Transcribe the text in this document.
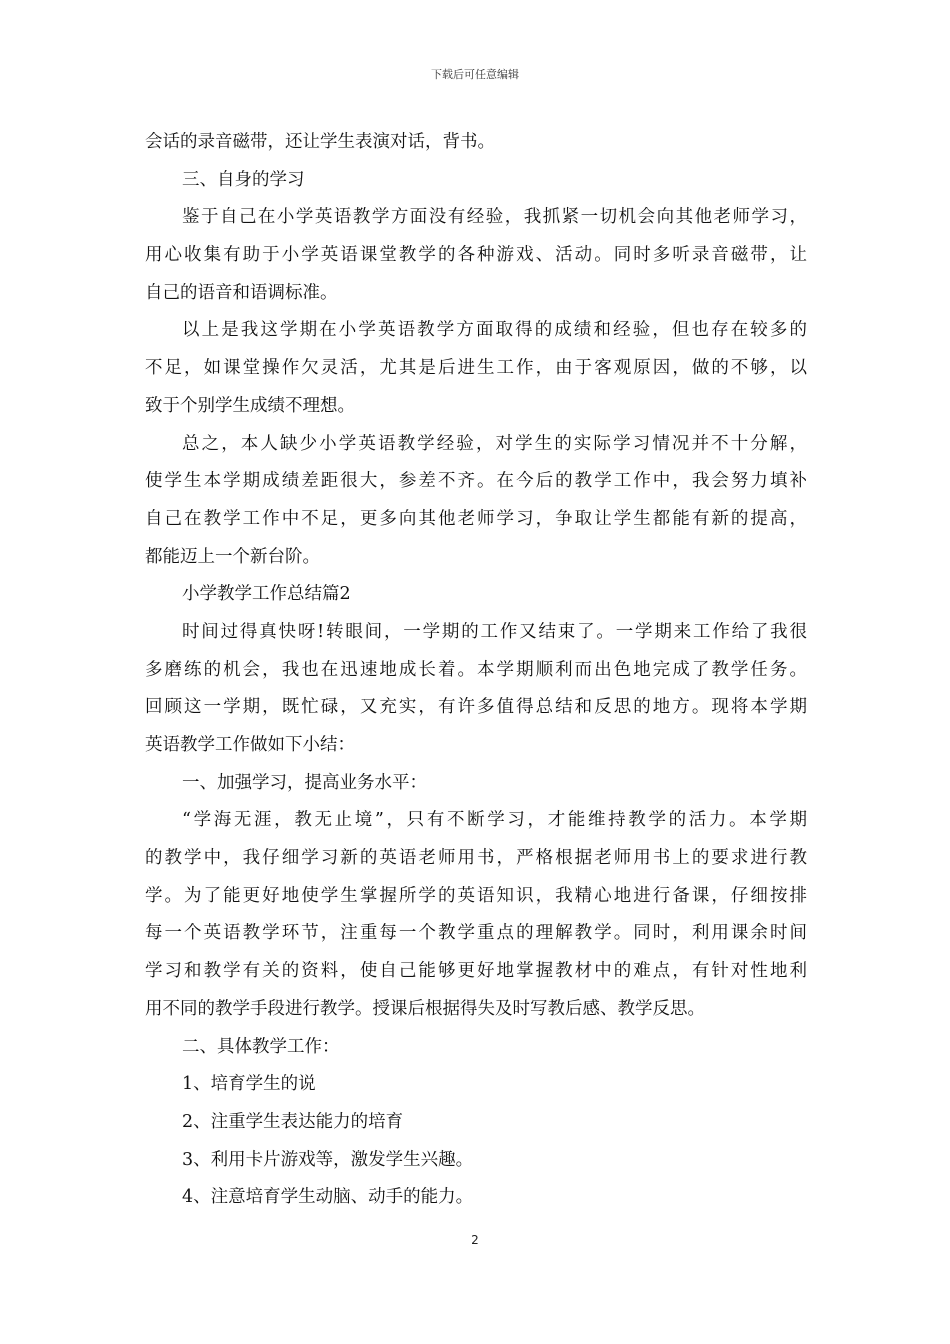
下载后可任意编辑
会话的录音磁带，还让学生表演对话，背书。
三、自身的学习
鉴于自己在小学英语教学方面没有经验，我抓紧一切机会向其他老师学习，
用心收集有助于小学英语课堂教学的各种游戏、活动。同时多听录音磁带，让
自己的语音和语调标准。
以上是我这学期在小学英语教学方面取得的成绩和经验，但也存在较多的
不足，如课堂操作欠灵活，尤其是后进生工作，由于客观原因，做的不够，以
致于个别学生成绩不理想。
总之，本人缺少小学英语教学经验，对学生的实际学习情况并不十分解，
使学生本学期成绩差距很大，参差不齐。在今后的教学工作中，我会努力填补
自己在教学工作中不足，更多向其他老师学习，争取让学生都能有新的提高，
都能迈上一个新台阶。
小学教学工作总结篇2
时间过得真快呀!转眼间，一学期的工作又结束了。一学期来工作给了我很
多磨练的机会，我也在迅速地成长着。本学期顺利而出色地完成了教学任务。
回顾这一学期，既忙碌，又充实，有许多值得总结和反思的地方。现将本学期
英语教学工作做如下小结：
一、加强学习，提高业务水平：
“学海无涯，教无止境”，只有不断学习，才能维持教学的活力。本学期
的教学中，我仔细学习新的英语老师用书，严格根据老师用书上的要求进行教
学。为了能更好地使学生掌握所学的英语知识，我精心地进行备课，仔细按排
每一个英语教学环节，注重每一个教学重点的理解教学。同时，利用课余时间
学习和教学有关的资料，使自己能够更好地掌握教材中的难点，有针对性地利
用不同的教学手段进行教学。授课后根据得失及时写教后感、教学反思。
二、具体教学工作：
1、培育学生的说
2、注重学生表达能力的培育
3、利用卡片游戏等，激发学生兴趣。
4、注意培育学生动脑、动手的能力。
2
